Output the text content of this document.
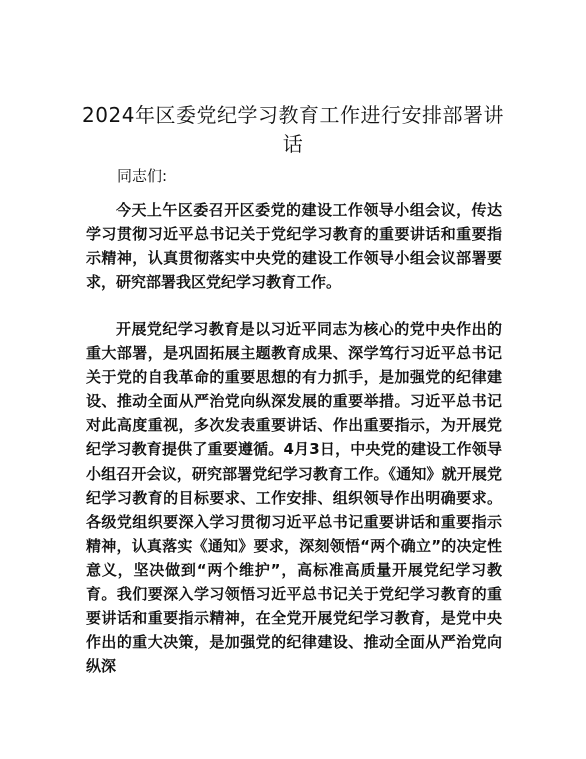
2024年区委党纪学习教育工作进行安排部署讲话

同志们:

今天上午区委召开区委党的建设工作领导小组会议，传达学习贯彻习近平总书记关于党纪学习教育的重要讲话和重要指示精神，认真贯彻落实中央党的建设工作领导小组会议部署要求，研究部署我区党纪学习教育工作。

开展党纪学习教育是以习近平同志为核心的党中央作出的重大部署，是巩固拓展主题教育成果、深学笃行习近平总书记关于党的自我革命的重要思想的有力抓手，是加强党的纪律建设、推动全面从严治党向纵深发展的重要举措。习近平总书记对此高度重视，多次发表重要讲话、作出重要指示，为开展党纪学习教育提供了重要遵循。4月3日，中央党的建设工作领导小组召开会议，研究部署党纪学习教育工作。《通知》就开展党纪学习教育的目标要求、工作安排、组织领导作出明确要求。各级党组织要深入学习贯彻习近平总书记重要讲话和重要指示精神，认真落实《通知》要求，深刻领悟“两个确立”的决定性意义，坚决做到“两个维护”，高标准高质量开展党纪学习教育。我们要深入学习领悟习近平总书记关于党纪学习教育的重要讲话和重要指示精神，在全党开展党纪学习教育，是党中央作出的重大决策，是加强党的纪律建设、推动全面从严治党向纵深
